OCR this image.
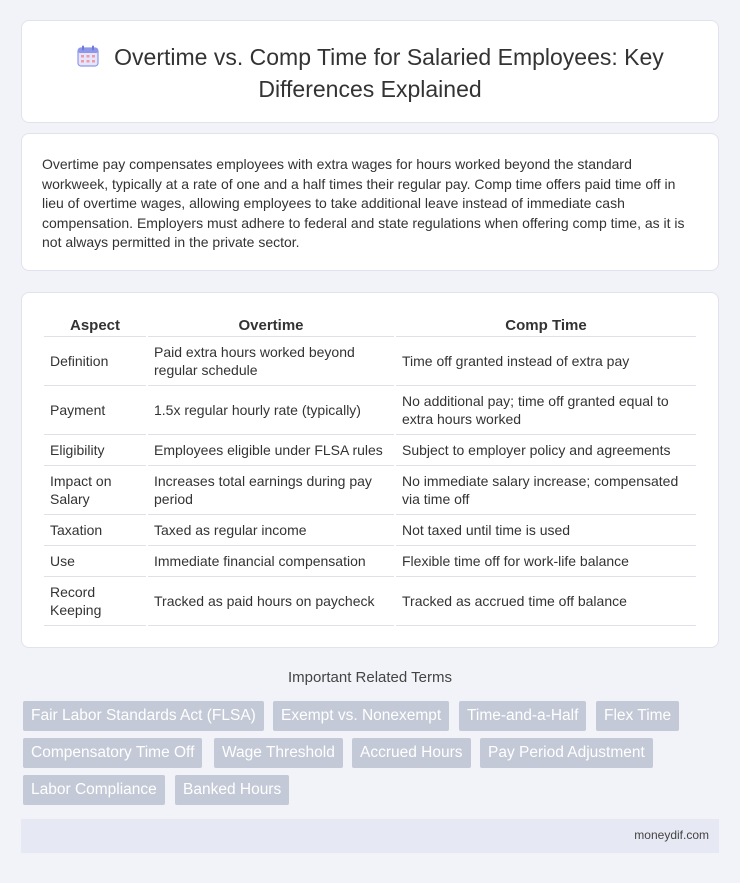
Overtime vs. Comp Time for Salaried Employees: Key Differences Explained

Overtime pay compensates employees with extra wages for hours worked beyond the standard workweek, typically at a rate of one and a half times their regular pay. Comp time offers paid time off in lieu of overtime wages, allowing employees to take additional leave instead of immediate cash compensation. Employers must adhere to federal and state regulations when offering comp time, as it is not always permitted in the private sector.

Aspect	Overtime	Comp Time
Definition	Paid extra hours worked beyond regular schedule	Time off granted instead of extra pay
Payment	1.5x regular hourly rate (typically)	No additional pay; time off granted equal to extra hours worked
Eligibility	Employees eligible under FLSA rules	Subject to employer policy and agreements
Impact on Salary	Increases total earnings during pay period	No immediate salary increase; compensated via time off
Taxation	Taxed as regular income	Not taxed until time is used
Use	Immediate financial compensation	Flexible time off for work-life balance
Record Keeping	Tracked as paid hours on paycheck	Tracked as accrued time off balance
Important Related Terms
Fair Labor Standards Act (FLSA)	Exempt vs. Nonexempt	Time-and-a-Half	Flex Time
Compensatory Time Off	Wage Threshold	Accrued Hours	Pay Period Adjustment
Labor Compliance	Banked Hours
moneydif.com
